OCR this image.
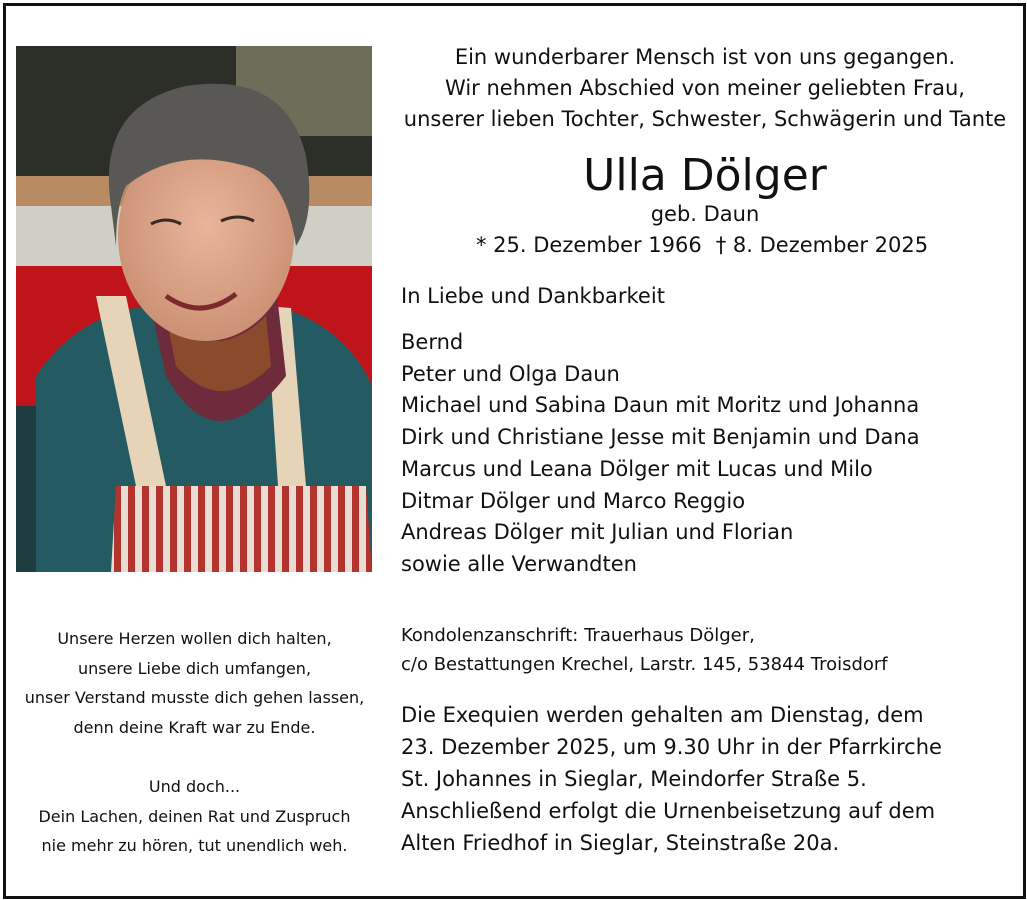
Ein wunderbarer Mensch ist von uns gegangen.
Wir nehmen Abschied von meiner geliebten Frau,
unserer lieben Tochter, Schwester, Schwägerin und Tante
Ulla Dölger
geb. Daun
* 25. Dezember 1966 † 8. Dezember 2025
In Liebe und Dankbarkeit
Bernd
Peter und Olga Daun
Michael und Sabina Daun mit Moritz und Johanna
Dirk und Christiane Jesse mit Benjamin und Dana
Marcus und Leana Dölger mit Lucas und Milo
Ditmar Dölger und Marco Reggio
Andreas Dölger mit Julian und Florian
sowie alle Verwandten
Unsere Herzen wollen dich halten,
unsere Liebe dich umfangen,
unser Verstand musste dich gehen lassen,
denn deine Kraft war zu Ende.
Und doch...
Dein Lachen, deinen Rat und Zuspruch
nie mehr zu hören, tut unendlich weh.
Kondolenzanschrift: Trauerhaus Dölger,
c/o Bestattungen Krechel, Larstr. 145, 53844 Troisdorf
Die Exequien werden gehalten am Dienstag, dem
23. Dezember 2025, um 9.30 Uhr in der Pfarrkirche
St. Johannes in Sieglar, Meindorfer Straße 5.
Anschließend erfolgt die Urnenbeisetzung auf dem
Alten Friedhof in Sieglar, Steinstraße 20a.
